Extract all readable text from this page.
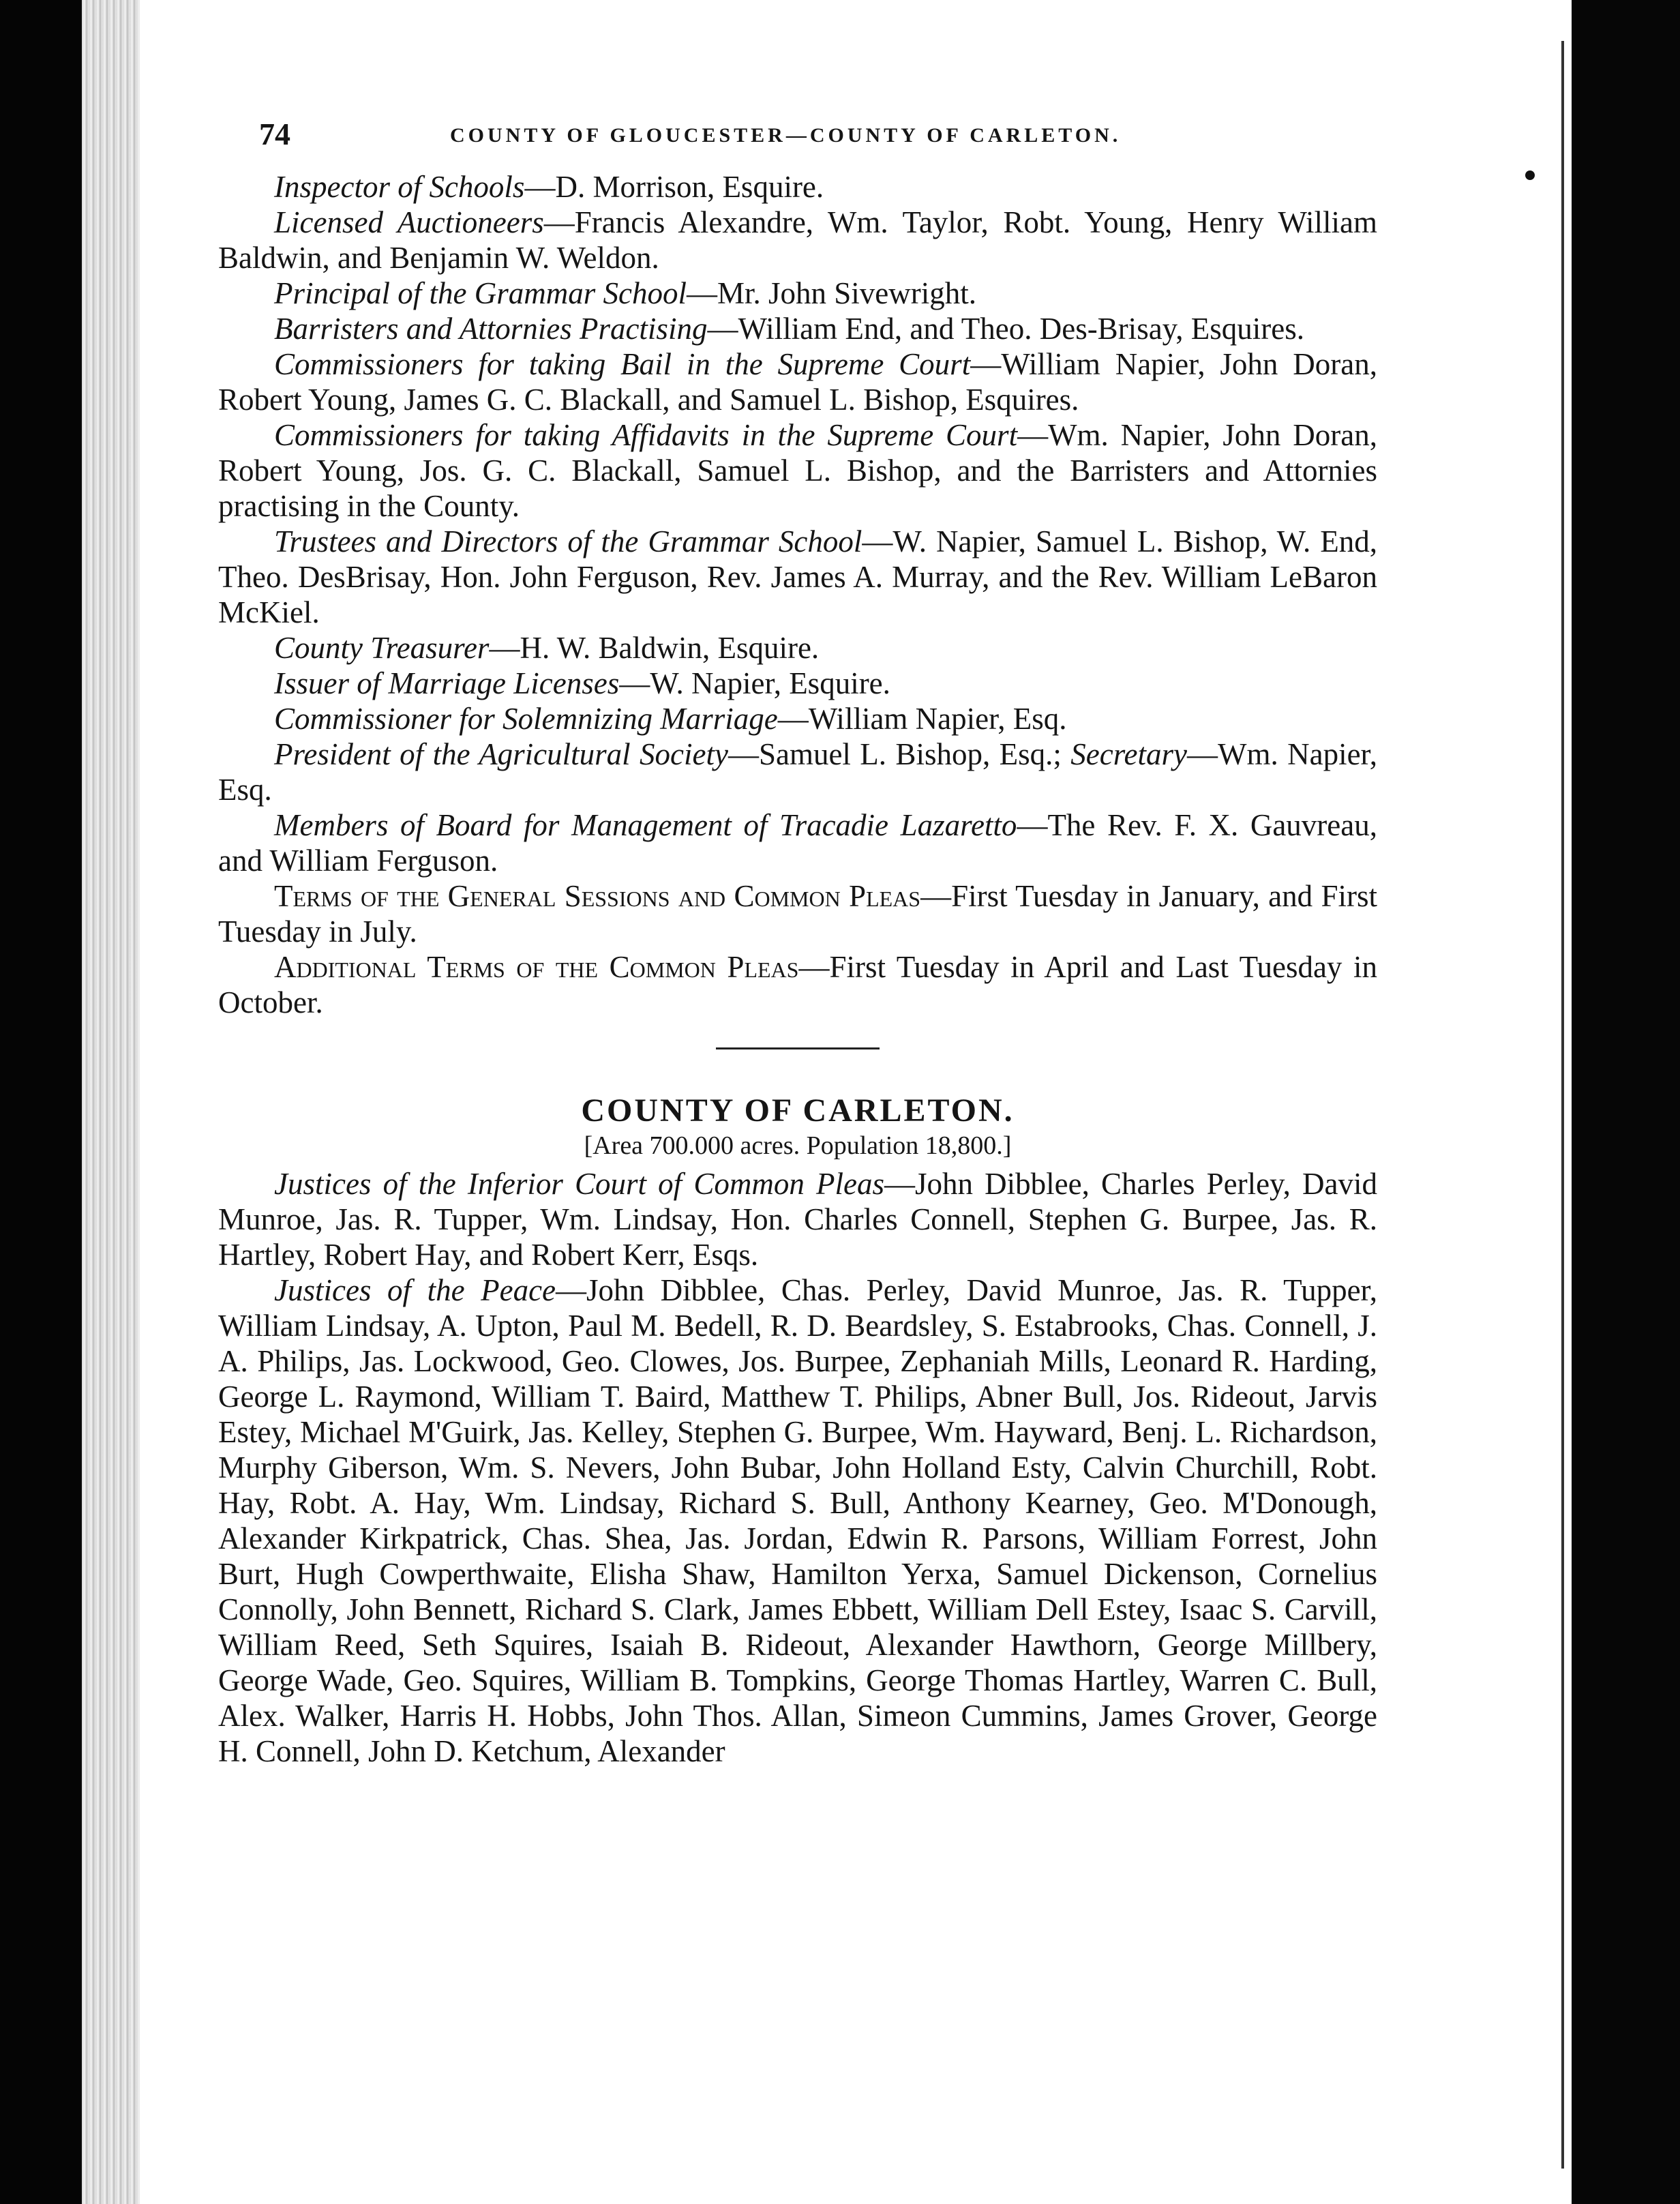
74	COUNTY OF GLOUCESTER—COUNTY OF CARLETON.

Inspector of Schools—D. Morrison, Esquire.

Licensed Auctioneers—Francis Alexandre, Wm. Taylor, Robt. Young, Henry William Baldwin, and Benjamin W. Weldon.

Principal of the Grammar School—Mr. John Sivewright.

Barristers and Attornies Practising—William End, and Theo. Des-Brisay, Esquires.

Commissioners for taking Bail in the Supreme Court—William Napier, John Doran, Robert Young, James G. C. Blackall, and Samuel L. Bishop, Esquires.

Commissioners for taking Affidavits in the Supreme Court—Wm. Napier, John Doran, Robert Young, Jos. G. C. Blackall, Samuel L. Bishop, and the Barristers and Attornies practising in the County.

Trustees and Directors of the Grammar School—W. Napier, Samuel L. Bishop, W. End, Theo. DesBrisay, Hon. John Ferguson, Rev. James A. Murray, and the Rev. William LeBaron McKiel.

County Treasurer—H. W. Baldwin, Esquire.

Issuer of Marriage Licenses—W. Napier, Esquire.

Commissioner for Solemnizing Marriage—William Napier, Esq.

President of the Agricultural Society—Samuel L. Bishop, Esq.; Secretary—Wm. Napier, Esq.

Members of Board for Management of Tracadie Lazaretto—The Rev. F. X. Gauvreau, and William Ferguson.

Terms of the General Sessions and Common Pleas—First Tuesday in January, and First Tuesday in July.

Additional Terms of the Common Pleas—First Tuesday in April and Last Tuesday in October.

COUNTY OF CARLETON.

[Area 700.000 acres. Population 18,800.]

Justices of the Inferior Court of Common Pleas—John Dibblee, Charles Perley, David Munroe, Jas. R. Tupper, Wm. Lindsay, Hon. Charles Connell, Stephen G. Burpee, Jas. R. Hartley, Robert Hay, and Robert Kerr, Esqs.

Justices of the Peace—John Dibblee, Chas. Perley, David Munroe, Jas. R. Tupper, William Lindsay, A. Upton, Paul M. Bedell, R. D. Beardsley, S. Estabrooks, Chas. Connell, J. A. Philips, Jas. Lockwood, Geo. Clowes, Jos. Burpee, Zephaniah Mills, Leonard R. Harding, George L. Raymond, William T. Baird, Matthew T. Philips, Abner Bull, Jos. Rideout, Jarvis Estey, Michael M'Guirk, Jas. Kelley, Stephen G. Burpee, Wm. Hayward, Benj. L. Richardson, Murphy Giberson, Wm. S. Nevers, John Bubar, John Holland Esty, Calvin Churchill, Robt. Hay, Robt. A. Hay, Wm. Lindsay, Richard S. Bull, Anthony Kearney, Geo. M'Donough, Alexander Kirkpatrick, Chas. Shea, Jas. Jordan, Edwin R. Parsons, William Forrest, John Burt, Hugh Cowperthwaite, Elisha Shaw, Hamilton Yerxa, Samuel Dickenson, Cornelius Connolly, John Bennett, Richard S. Clark, James Ebbett, William Dell Estey, Isaac S. Carvill, William Reed, Seth Squires, Isaiah B. Rideout, Alexander Hawthorn, George Millbery, George Wade, Geo. Squires, William B. Tompkins, George Thomas Hartley, Warren C. Bull, Alex. Walker, Harris H. Hobbs, John Thos. Allan, Simeon Cummins, James Grover, George H. Connell, John D. Ketchum, Alexander
